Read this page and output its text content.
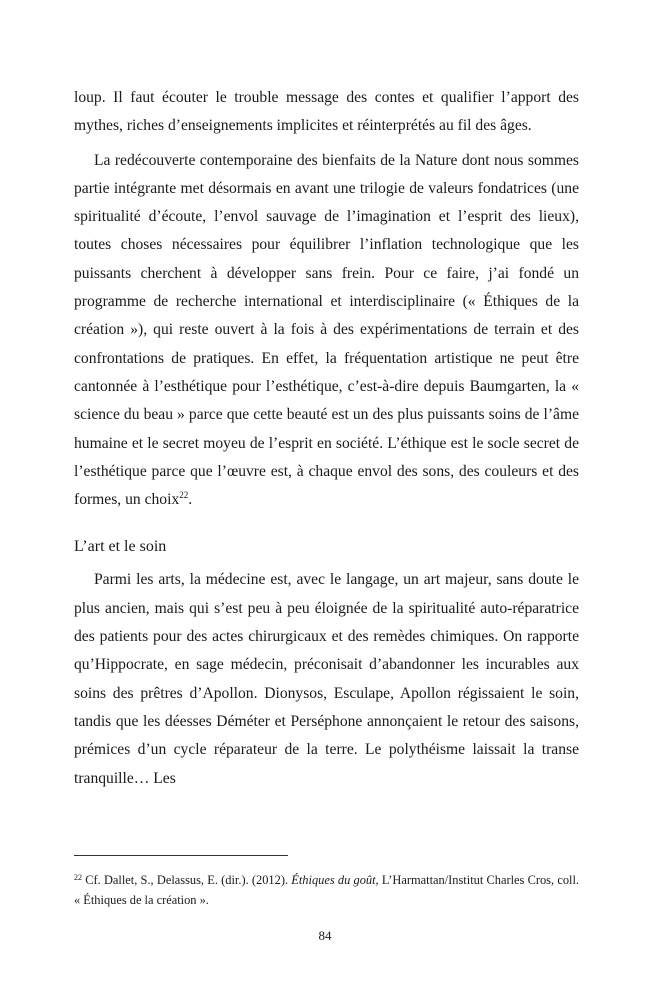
loup. Il faut écouter le trouble message des contes et qualifier l’apport des mythes, riches d’enseignements implicites et réinterprétés au fil des âges.

La redécouverte contemporaine des bienfaits de la Nature dont nous sommes partie intégrante met désormais en avant une trilogie de valeurs fondatrices (une spiritualité d’écoute, l’envol sauvage de l’imagination et l’esprit des lieux), toutes choses nécessaires pour équilibrer l’inflation technologique que les puissants cherchent à développer sans frein. Pour ce faire, j’ai fondé un programme de recherche international et interdisciplinaire (« Éthiques de la création »), qui reste ouvert à la fois à des expérimentations de terrain et des confrontations de pratiques. En effet, la fréquentation artistique ne peut être cantonnée à l’esthétique pour l’esthétique, c’est-à-dire depuis Baumgarten, la « science du beau » parce que cette beauté est un des plus puissants soins de l’âme humaine et le secret moyeu de l’esprit en société. L’éthique est le socle secret de l’esthétique parce que l’œuvre est, à chaque envol des sons, des couleurs et des formes, un choix$^{22}$.

L’art et le soin

Parmi les arts, la médecine est, avec le langage, un art majeur, sans doute le plus ancien, mais qui s’est peu à peu éloignée de la spiritualité auto-réparatrice des patients pour des actes chirurgicaux et des remèdes chimiques. On rapporte qu’Hippocrate, en sage médecin, préconisait d’abandonner les incurables aux soins des prêtres d’Apollon. Dionysos, Esculape, Apollon régissaient le soin, tandis que les déesses Déméter et Perséphone annonçaient le retour des saisons, prémices d’un cycle réparateur de la terre. Le polythéisme laissait la transe tranquille… Les

$^{22}$ Cf. Dallet, S., Delassus, E. (dir.). (2012). Éthiques du goût, L’Harmattan/Institut Charles Cros, coll. « Éthiques de la création ».

84
